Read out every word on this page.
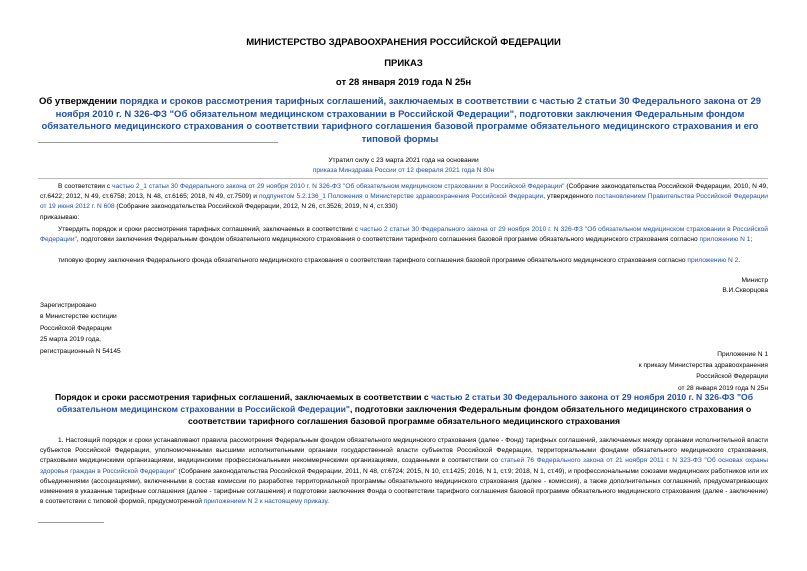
МИНИСТЕРСТВО ЗДРАВООХРАНЕНИЯ РОССИЙСКОЙ ФЕДЕРАЦИИ
ПРИКАЗ
от 28 января 2019 года N 25н
Об утверждении порядка и сроков рассмотрения тарифных соглашений, заключаемых в соответствии с частью 2 статьи 30 Федерального закона от 29 ноября 2010 г. N 326-ФЗ "Об обязательном медицинском страховании в Российской Федерации", подготовки заключения Федеральным фондом обязательного медицинского страхования о соответствии тарифного соглашения базовой программе обязательного медицинского страхования и его типовой формы
Утратил силу с 23 марта 2021 года на основании
приказа Минздрава России от 12 февраля 2021 года N 80н

В соответствии с частью 2_1 статьи 30 Федерального закона от 29 ноября 2010 г. N 326-ФЗ "Об обязательном медицинском страховании в Российской Федерации" (Собрание законодательства Российской Федерации, 2010, N 49, ст.6422; 2012, N 49, ст.6758; 2013, N 48, ст.6165; 2018, N 49, ст.7509) и подпунктом 5.2.136_1 Положения о Министерстве здравоохранения Российской Федерации, утвержденного постановлением Правительства Российской Федерации от 19 июня 2012 г. N 608 (Собрание законодательства Российской Федерации, 2012, N 26, ст.3526; 2019, N 4, ст.330)

приказываю:

Утвердить порядок и сроки рассмотрения тарифных соглашений, заключаемых в соответствии с частью 2 статьи 30 Федерального закона от 29 ноября 2010 г. N 326-ФЗ "Об обязательном медицинском страховании в Российской Федерации", подготовки заключения Федеральным фондом обязательного медицинского страхования о соответствии тарифного соглашения базовой программе обязательного медицинского страхования согласно приложению N 1;

типовую форму заключения Федерального фонда обязательного медицинского страхования о соответствии тарифного соглашения базовой программе обязательного медицинского страхования согласно приложению N 2.

Министр
В.И.Скворцова
Зарегистрировано
в Министерстве юстиции
Российской Федерации
25 марта 2019 года,
регистрационный N 54145	Приложение N 1
к приказу Министерства здравоохранения
Российской Федерации
от 28 января 2019 года N 25н
Порядок и сроки рассмотрения тарифных соглашений, заключаемых в соответствии с частью 2 статьи 30 Федерального закона от 29 ноября 2010 г. N 326-ФЗ "Об обязательном медицинском страховании в Российской Федерации", подготовки заключения Федеральным фондом обязательного медицинского страхования о соответствии тарифного соглашения базовой программе обязательного медицинского страхования

1. Настоящий порядок и сроки устанавливают правила рассмотрения Федеральным фондом обязательного медицинского страхования (далее - Фонд) тарифных соглашений, заключаемых между органами исполнительной власти субъектов Российской Федерации, уполномоченными высшими исполнительными органами государственной власти субъектов Российской Федерации, территориальными фондами обязательного медицинского страхования, страховыми медицинскими организациями, медицинскими профессиональными некоммерческими организациями, созданными в соответствии со статьей 76 Федерального закона от 21 ноября 2011 г. N 323-ФЗ "Об основах охраны здоровья граждан в Российской Федерации" (Собрание законодательства Российской Федерации, 2011, N 48, ст.6724; 2015, N 10, ст.1425; 2016, N 1, ст.9; 2018, N 1, ст.49), и профессиональными союзами медицинских работников или их объединениями (ассоциациями), включенными в состав комиссии по разработке территориальной программы обязательного медицинского страхования (далее - комиссия), а также дополнительных соглашений, предусматривающих изменения в указанные тарифные соглашения (далее - тарифные соглашения) и подготовки заключения Фонда о соответствии тарифного соглашения базовой программе обязательного медицинского страхования (далее - заключение) в соответствии с типовой формой, предусмотренной приложением N 2 к настоящему приказу.
